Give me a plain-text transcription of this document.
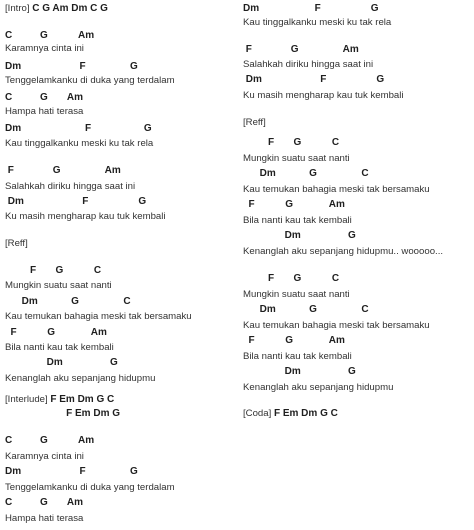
[Intro] C G Am Dm C G
C          G           Am
Karamnya cinta ini
Dm                     F                G
Tenggelamkanku di duka yang terdalam
C          G       Am
Hampa hati terasa
Dm                       F                   G
Kau tinggalkanku meski ku tak rela
F              G                Am
Salahkah diriku hingga saat ini
Dm                     F                  G
Ku masih mengharap kau tuk kembali
[Reff]
F       G           C
Mungkin suatu saat nanti
Dm            G                C
Kau temukan bahagia meski tak bersamaku
F           G             Am
Bila nanti kau tak kembali
Dm                 G
Kenanglah aku sepanjang hidupmu
[Interlude] F Em Dm G C
F Em Dm G
C          G           Am
Karamnya cinta ini
Dm                     F                G
Tenggelamkanku di duka yang terdalam
C          G       Am
Hampa hati terasa
Dm                    F                  G
Kau tinggalkanku meski ku tak rela
F              G                Am
Salahkah diriku hingga saat ini
Dm                     F                  G
Ku masih mengharap kau tuk kembali
[Reff]
F       G           C
Mungkin suatu saat nanti
Dm            G                C
Kau temukan bahagia meski tak bersamaku
F           G             Am
Bila nanti kau tak kembali
Dm                 G
Kenanglah aku sepanjang hidupmu.. wooooo...
F       G           C
Mungkin suatu saat nanti
Dm            G                C
Kau temukan bahagia meski tak bersamaku
F           G             Am
Bila nanti kau tak kembali
Dm                 G
Kenanglah aku sepanjang hidupmu
[Coda] F Em Dm G C
